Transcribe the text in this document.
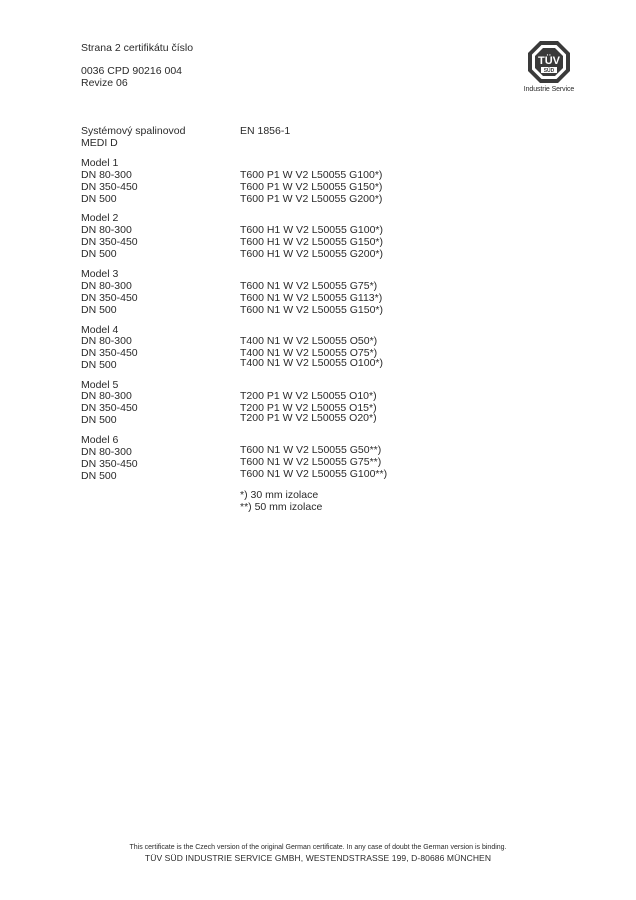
Strana 2 certifikátu číslo
0036 CPD 90216 004
Revize 06
TÜV
SÜD
Industrie Service
Systémový spalinovod	EN 1856-1
MEDI D
Model 1
DN 80-300	T600 P1 W V2 L50055 G100*)
DN 350-450	T600 P1 W V2 L50055 G150*)
DN 500	T600 P1 W V2 L50055 G200*)
Model 2
DN 80-300	T600 H1 W V2 L50055 G100*)
DN 350-450	T600 H1 W V2 L50055 G150*)
DN 500	T600 H1 W V2 L50055 G200*)
Model 3
DN 80-300	T600 N1 W V2 L50055 G75*)
DN 350-450	T600 N1 W V2 L50055 G113*)
DN 500	T600 N1 W V2 L50055 G150*)
Model 4
DN 80-300	T400 N1 W V2 L50055 O50*)
DN 350-450	T400 N1 W V2 L50055 O75*)
DN 500	T400 N1 W V2 L50055 O100*)
Model 5
DN 80-300	T200 P1 W V2 L50055 O10*)
DN 350-450	T200 P1 W V2 L50055 O15*)
DN 500	T200 P1 W V2 L50055 O20*)
Model 6
DN 80-300	T600 N1 W V2 L50055 G50**)
DN 350-450	T600 N1 W V2 L50055 G75**)
DN 500	T600 N1 W V2 L50055 G100**)
*) 30 mm izolace
**) 50 mm izolace
This certificate is the Czech version of the original German certificate. In any case of doubt the German version is binding.
TÜV SÜD INDUSTRIE SERVICE GMBH, WESTENDSTRASSE 199, D-80686 MÜNCHEN
